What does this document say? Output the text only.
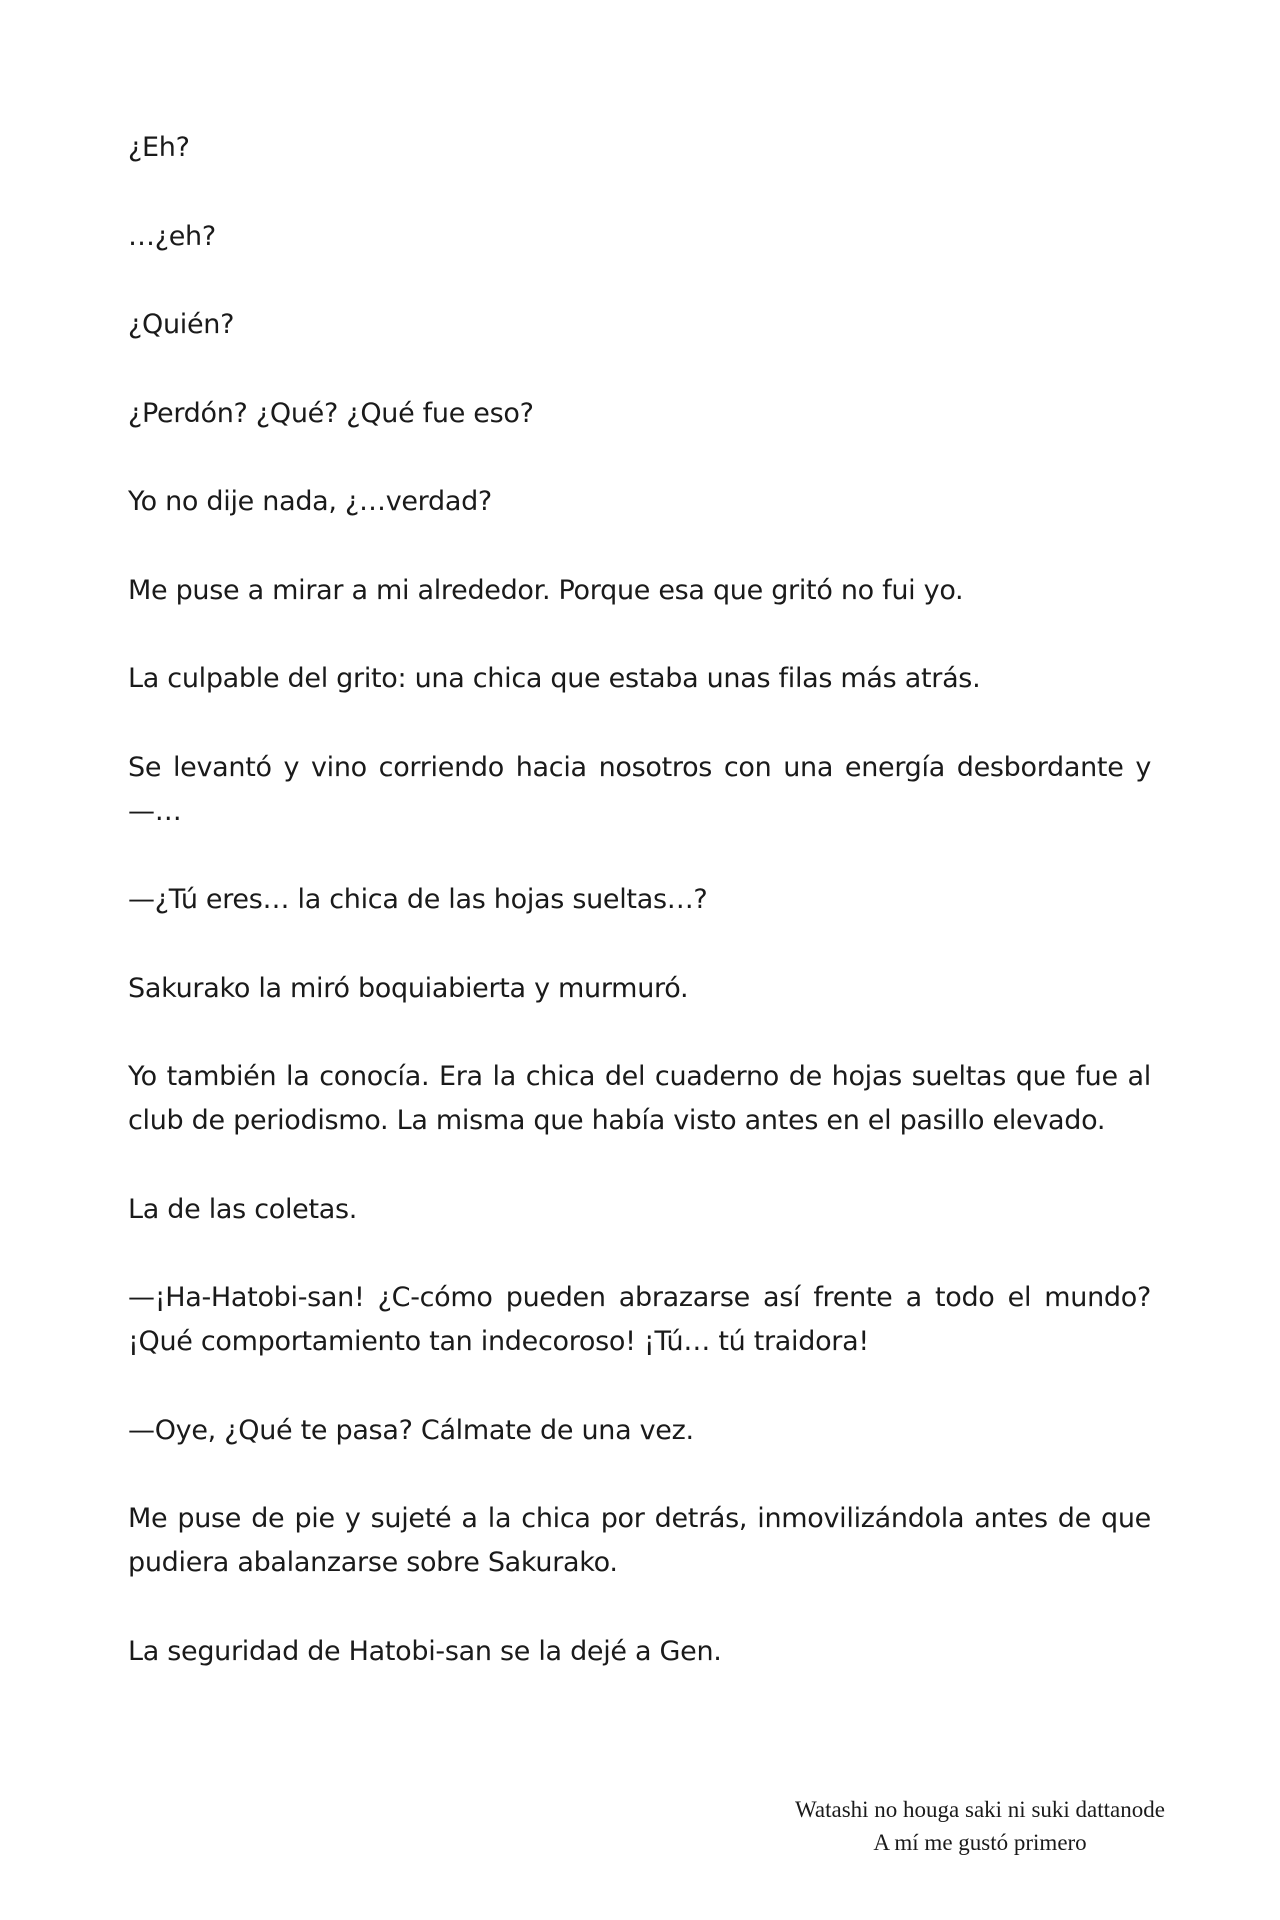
¿Eh?

…¿eh?

¿Quién?

¿Perdón? ¿Qué? ¿Qué fue eso?

Yo no dije nada, ¿…verdad?

Me puse a mirar a mi alrededor. Porque esa que gritó no fui yo.

La culpable del grito: una chica que estaba unas filas más atrás.

Se levantó y vino corriendo hacia nosotros con una energía desbordante y—…

—¿Tú eres… la chica de las hojas sueltas…?

Sakurako la miró boquiabierta y murmuró.

Yo también la conocía. Era la chica del cuaderno de hojas sueltas que fue al club de periodismo. La misma que había visto antes en el pasillo elevado.

La de las coletas.

—¡Ha-Hatobi-san! ¿C-cómo pueden abrazarse así frente a todo el mundo? ¡Qué comportamiento tan indecoroso! ¡Tú… tú traidora!

—Oye, ¿Qué te pasa? Cálmate de una vez.

Me puse de pie y sujeté a la chica por detrás, inmovilizándola antes de que pudiera abalanzarse sobre Sakurako.

La seguridad de Hatobi-san se la dejé a Gen.

Watashi no houga saki ni suki dattanode
A mí me gustó primero
